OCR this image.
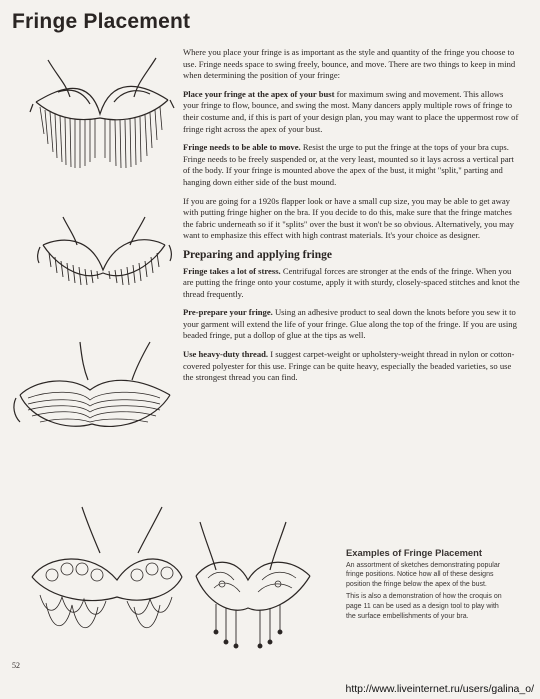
Fringe Placement

Where you place your fringe is as important as the style and quantity of the fringe you choose to use. Fringe needs space to swing freely, bounce, and move. There are two things to keep in mind when determining the position of your fringe:

Place your fringe at the apex of your bust for maximum swing and movement. This allows your fringe to flow, bounce, and swing the most. Many dancers apply multiple rows of fringe to their costume and, if this is part of your design plan, you may want to place the uppermost row of fringe right across the apex of your bust.

Fringe needs to be able to move. Resist the urge to put the fringe at the tops of your bra cups. Fringe needs to be freely suspended or, at the very least, mounted so it lays across a vertical part of the body. If your fringe is mounted above the apex of the bust, it might "split," parting and hanging down either side of the bust mound.

If you are going for a 1920s flapper look or have a small cup size, you may be able to get away with putting fringe higher on the bra. If you decide to do this, make sure that the fringe matches the fabric underneath so if it "splits" over the bust it won't be so obvious. Alternatively, you may want to emphasize this effect with high contrast materials. It's your choice as designer.

Preparing and applying fringe

Fringe takes a lot of stress. Centrifugal forces are stronger at the ends of the fringe. When you are putting the fringe onto your costume, apply it with sturdy, closely-spaced stitches and knot the thread frequently.

Pre-prepare your fringe. Using an adhesive product to seal down the knots before you sew it to your garment will extend the life of your fringe. Glue along the top of the fringe. If you are using beaded fringe, put a dollop of glue at the tips as well.

Use heavy-duty thread. I suggest carpet-weight or upholstery-weight thread in nylon or cotton-covered polyester for this use. Fringe can be quite heavy, especially the beaded varieties, so use the strongest thread you can find.

Examples of Fringe Placement

An assortment of sketches demonstrating popular fringe positions. Notice how all of these designs position the fringe below the apex of the bust.

This is also a demonstration of how the croquis on page 11 can be used as a design tool to play with the surface embellishments of your bra.

52
http://www.liveinternet.ru/users/galina_o/
